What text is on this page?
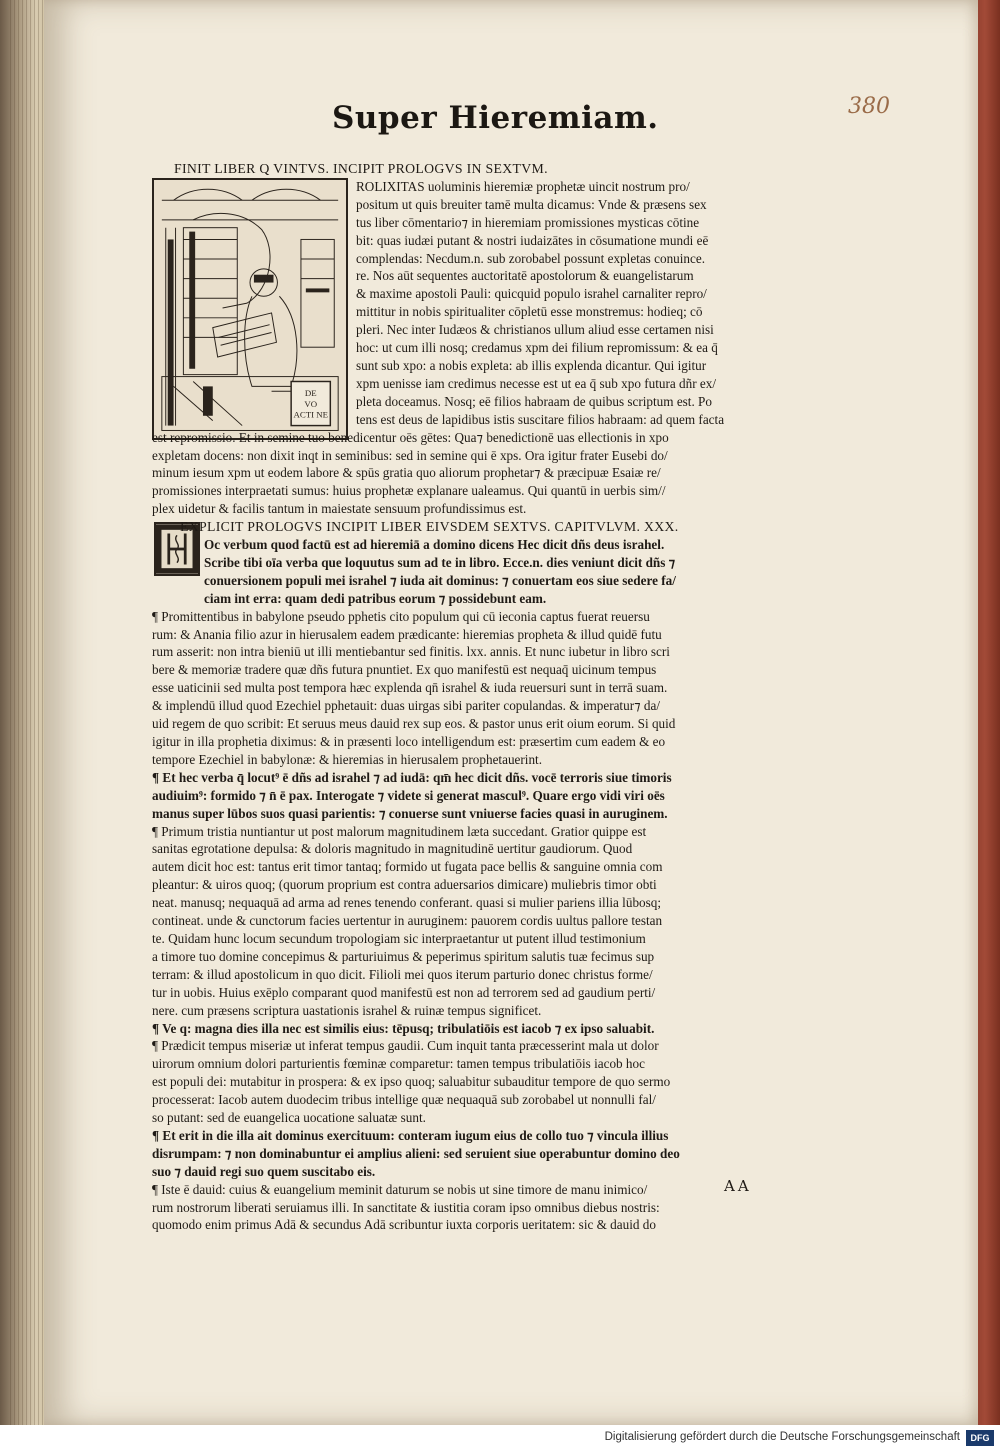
380
Super Hieremiam.
DE
VO
ACTI NE
FINIT LIBER Q VINTVS. INCIPIT PROLOGVS IN SEXTVM.
ROLIXITAS uoluminis hieremiæ prophetæ uincit nostrum pro/
positum ut quis breuiter tamē multa dicamus: Vnde & præsens sex
tus liber cōmentario⁊ in hieremiam promissiones mysticas cōtine
bit: quas iudæi putant & nostri iudaizātes in cōsumatione mundi eē
complendas: Necdum.n. sub zorobabel possunt expletas conuince.
re. Nos aūt sequentes auctoritatē apostolorum & euangelistarum
& maxime apostoli Pauli: quicquid populo israhel carnaliter repro/
mittitur in nobis spiritualiter cōpletū esse monstremus: hodieq; cō
pleri. Nec inter Iudæos & christianos ullum aliud esse certamen nisi
hoc: ut cum illi nosq; credamus xpm dei filium repromissum: & ea q̄
sunt sub xpo: a nobis expleta: ab illis explenda dicantur. Qui igitur
xpm uenisse iam credimus necesse est ut ea q̄ sub xpo futura dñr ex/
pleta doceamus. Nosq; eē filios habraam de quibus scriptum est. Po
tens est deus de lapidibus istis suscitare filios habraam: ad quem facta
est repromissio. Et in semine tuo benedicentur oēs gētes: Qua⁊ benedictionē uas ellectionis in xpo
expletam docens: non dixit inqt in seminibus: sed in semine qui ē xps. Ora igitur frater Eusebi do/
minum iesum xpm ut eodem labore & spūs gratia quo aliorum prophetar⁊ & præcipuæ Esaiæ re/
promissiones interpraetati sumus: huius prophetæ explanare ualeamus. Qui quantū in uerbis sim//
plex uidetur & facilis tantum in maiestate sensuum profundissimus est.
EXPLICIT PROLOGVS INCIPIT LIBER EIVSDEM SEXTVS. CAPITVLVM. XXX.
Oc verbum quod factū est ad hieremiā a domino dicens Hec dicit dñs deus israhel.
Scribe tibi oīa verba que loquutus sum ad te in libro. Ecce.n. dies veniunt dicit dñs ⁊
conuersionem populi mei israhel ⁊ iuda ait dominus: ⁊ conuertam eos siue sedere fa/
ciam int erra: quam dedi patribus eorum ⁊ possidebunt eam.
¶ Promittentibus in babylone pseudo pphetis cito populum qui cū ieconia captus fuerat reuersu
rum: & Anania filio azur in hierusalem eadem prædicante: hieremias propheta & illud quidē futu
rum asserit: non intra bieniū ut illi mentiebantur sed finitis. lxx. annis. Et nunc iubetur in libro scri
bere & memoriæ tradere quæ dñs futura pnuntiet. Ex quo manifestū est nequaq̄ uicinum tempus
esse uaticinii sed multa post tempora hæc explenda qn̄ israhel & iuda reuersuri sunt in terrā suam.
& implendū illud quod Ezechiel pphetauit: duas uirgas sibi pariter copulandas. & imperatur⁊ da/
uid regem de quo scribit: Et seruus meus dauid rex sup eos. & pastor unus erit oium eorum. Si quid
igitur in illa prophetia diximus: & in præsenti loco intelligendum est: præsertim cum eadem & eo
tempore Ezechiel in babylonæ: & hieremias in hierusalem prophetauerint.
¶ Et hec verba q̄ locut⁹ ē dñs ad israhel ⁊ ad iudā: qm̄ hec dicit dñs. vocē terroris siue timoris
audiuim⁹: formido ⁊ n̄ ē pax. Interogate ⁊ videte si generat mascul⁹. Quare ergo vidi viri oēs
manus super lūbos suos quasi parientis: ⁊ conuerse sunt vniuerse facies quasi in auruginem.
¶ Primum tristia nuntiantur ut post malorum magnitudinem læta succedant. Gratior quippe est
sanitas egrotatione depulsa: & doloris magnitudo in magnitudinē uertitur gaudiorum. Quod
autem dicit hoc est: tantus erit timor tantaq; formido ut fugata pace bellis & sanguine omnia com
pleantur: & uiros quoq; (quorum proprium est contra aduersarios dimicare) muliebris timor obti
neat. manusq; nequaquā ad arma ad renes tenendo conferant. quasi si mulier pariens illia lūbosq;
contineat. unde & cunctorum facies uertentur in auruginem: pauorem cordis uultus pallore testan
te. Quidam hunc locum secundum tropologiam sic interpraetantur ut putent illud testimonium
a timore tuo domine concepimus & parturiuimus & peperimus spiritum salutis tuæ fecimus sup
terram: & illud apostolicum in quo dicit. Filioli mei quos iterum parturio donec christus forme/
tur in uobis. Huius exēplo comparant quod manifestū est non ad terrorem sed ad gaudium perti/
nere. cum præsens scriptura uastationis israhel & ruinæ tempus significet.
¶ Ve q: magna dies illa nec est similis eius: tēpusq; tribulatiōis est iacob ⁊ ex ipso saluabit.
¶ Prædicit tempus miseriæ ut inferat tempus gaudii. Cum inquit tanta præcesserint mala ut dolor
uirorum omnium dolori parturientis fœminæ comparetur: tamen tempus tribulatiōis iacob hoc
est populi dei: mutabitur in prospera: & ex ipso quoq; saluabitur subauditur tempore de quo sermo
processerat: Iacob autem duodecim tribus intellige quæ nequaquā sub zorobabel ut nonnulli fal/
so putant: sed de euangelica uocatione saluatæ sunt.
¶ Et erit in die illa ait dominus exercituum: conteram iugum eius de collo tuo ⁊ vincula illius
disrumpam: ⁊ non dominabuntur ei amplius alieni: sed seruient siue operabuntur domino deo
suo ⁊ dauid regi suo quem suscitabo eis.
¶ Iste ē dauid: cuius & euangelium meminit daturum se nobis ut sine timore de manu inimico/
rum nostrorum liberati seruiamus illi. In sanctitate & iustitia coram ipso omnibus diebus nostris:
quomodo enim primus Adā & secundus Adā scribuntur iuxta corporis ueritatem: sic & dauid do
AA
Digitalisierung gefördert durch die Deutsche Forschungsgemeinschaft	DFG
